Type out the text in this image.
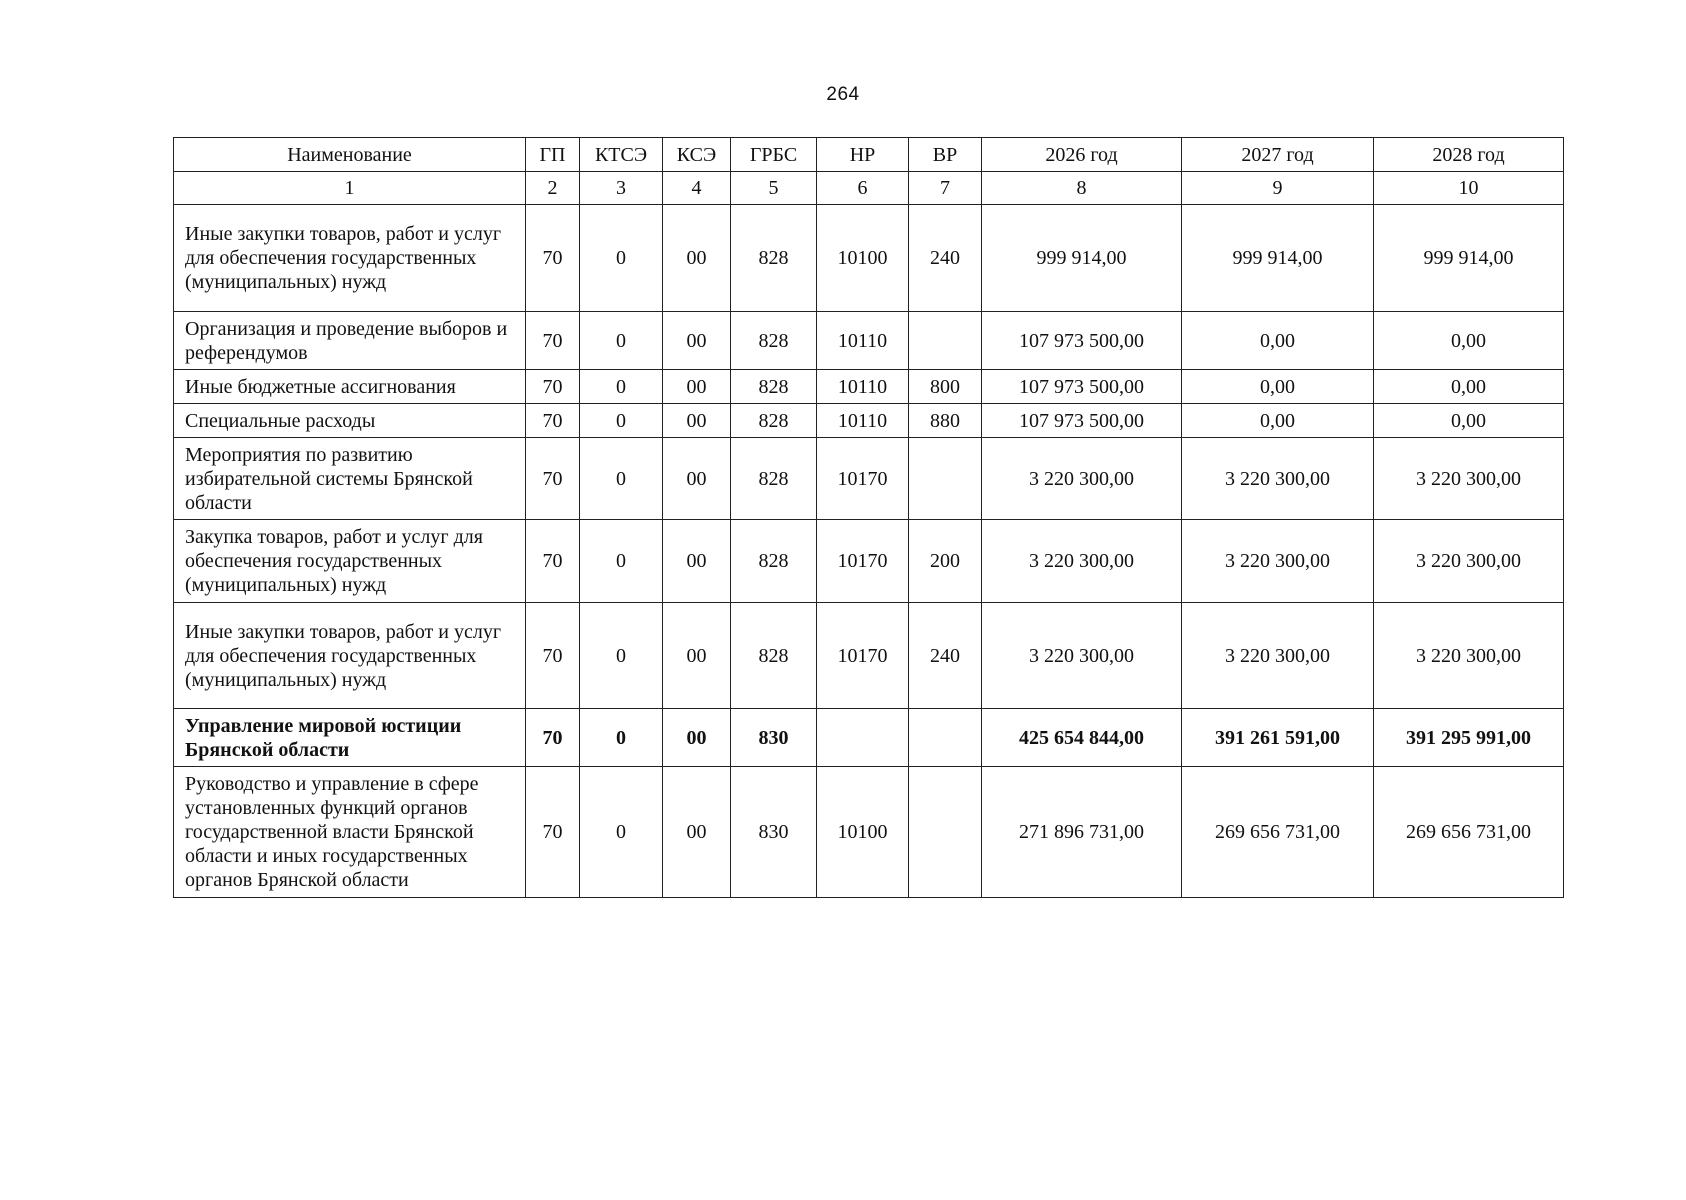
264
Наименование	ГП	КТСЭ	КСЭ	ГРБС	НР	ВР	2026 год	2027 год	2028 год
1	2	3	4	5	6	7	8	9	10
Иные закупки товаров, работ и услуг для обеспечения государственных (муниципальных) нужд	70	0	00	828	10100	240	999 914,00	999 914,00	999 914,00
Организация и проведение выборов и референдумов	70	0	00	828	10110		107 973 500,00	0,00	0,00
Иные бюджетные ассигнования	70	0	00	828	10110	800	107 973 500,00	0,00	0,00
Специальные расходы	70	0	00	828	10110	880	107 973 500,00	0,00	0,00
Мероприятия по развитию избирательной системы Брянской области	70	0	00	828	10170		3 220 300,00	3 220 300,00	3 220 300,00
Закупка товаров, работ и услуг для обеспечения государственных (муниципальных) нужд	70	0	00	828	10170	200	3 220 300,00	3 220 300,00	3 220 300,00
Иные закупки товаров, работ и услуг для обеспечения государственных (муниципальных) нужд	70	0	00	828	10170	240	3 220 300,00	3 220 300,00	3 220 300,00
Управление мировой юстиции Брянской области	70	0	00	830			425 654 844,00	391 261 591,00	391 295 991,00
Руководство и управление в сфере установленных функций органов государственной власти Брянской области и иных государственных органов Брянской области	70	0	00	830	10100		271 896 731,00	269 656 731,00	269 656 731,00
